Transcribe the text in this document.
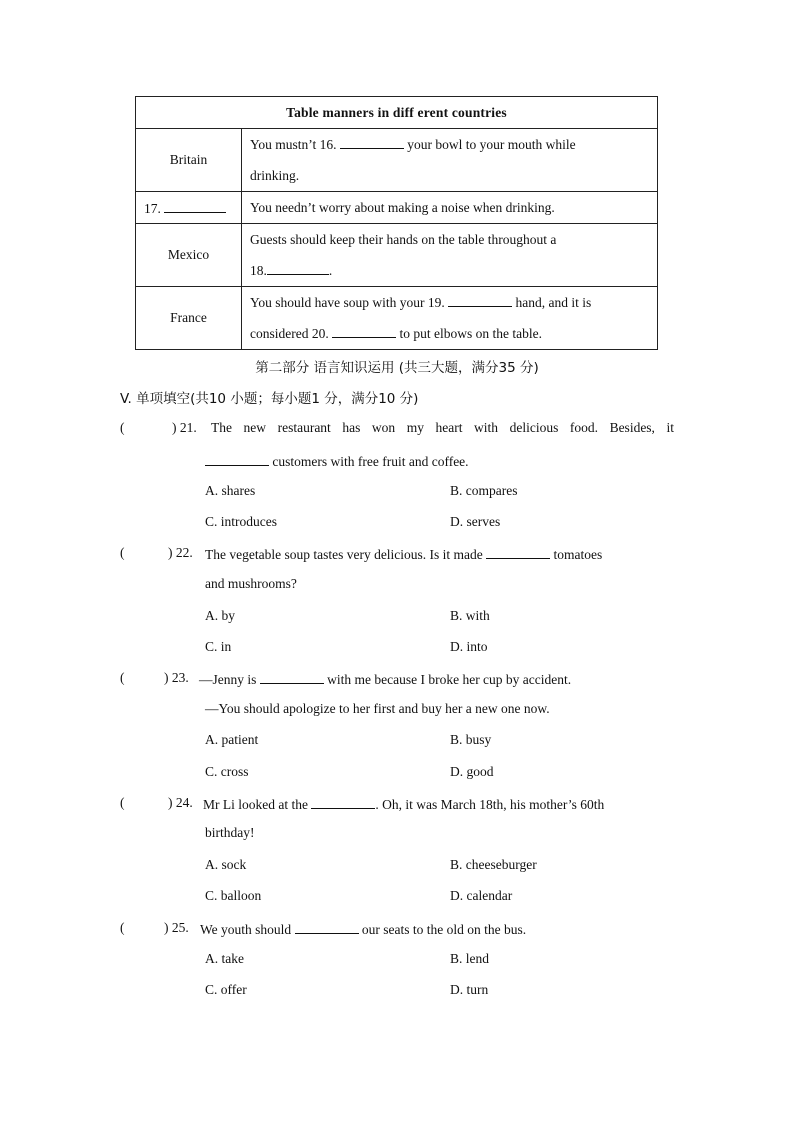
Table manners in diff erent countries	
Britain	You mustn’t 16. your bowl to your mouth while
drinking.
17.	You needn’t worry about making a noise when drinking.
Mexico	Guests should keep their hands on the table throughout a
18. .
France	You should have soup with your 19. hand, and it is
considered 20. to put elbows on the table.
第二部分 语言知识运用 (共三大题，满分35 分)
V. 单项填空(共10 小题；每小题1 分，满分10 分)
(	) 21. The new restaurant has won my heart with delicious food. Besides, it
customers with free fruit and coffee.
A. shares	B. compares
C. introduces	D. serves
(	) 22. The vegetable soup tastes very delicious. Is it made	tomatoes
and mushrooms?
A. by	B. with
C. in	D. into
(	) 23. —Jenny is	with me because I broke her cup by accident.
—You should apologize to her first and buy her a new one now.
A. patient	B. busy
C. cross	D. good
(	) 24. Mr Li looked at the	. Oh, it was March 18th, his mother’s 60th
birthday!
A. sock	B. cheeseburger
C. balloon	D. calendar
(	) 25. We youth should	our seats to the old on the bus.
A. take	B. lend
C. offer	D. turn
